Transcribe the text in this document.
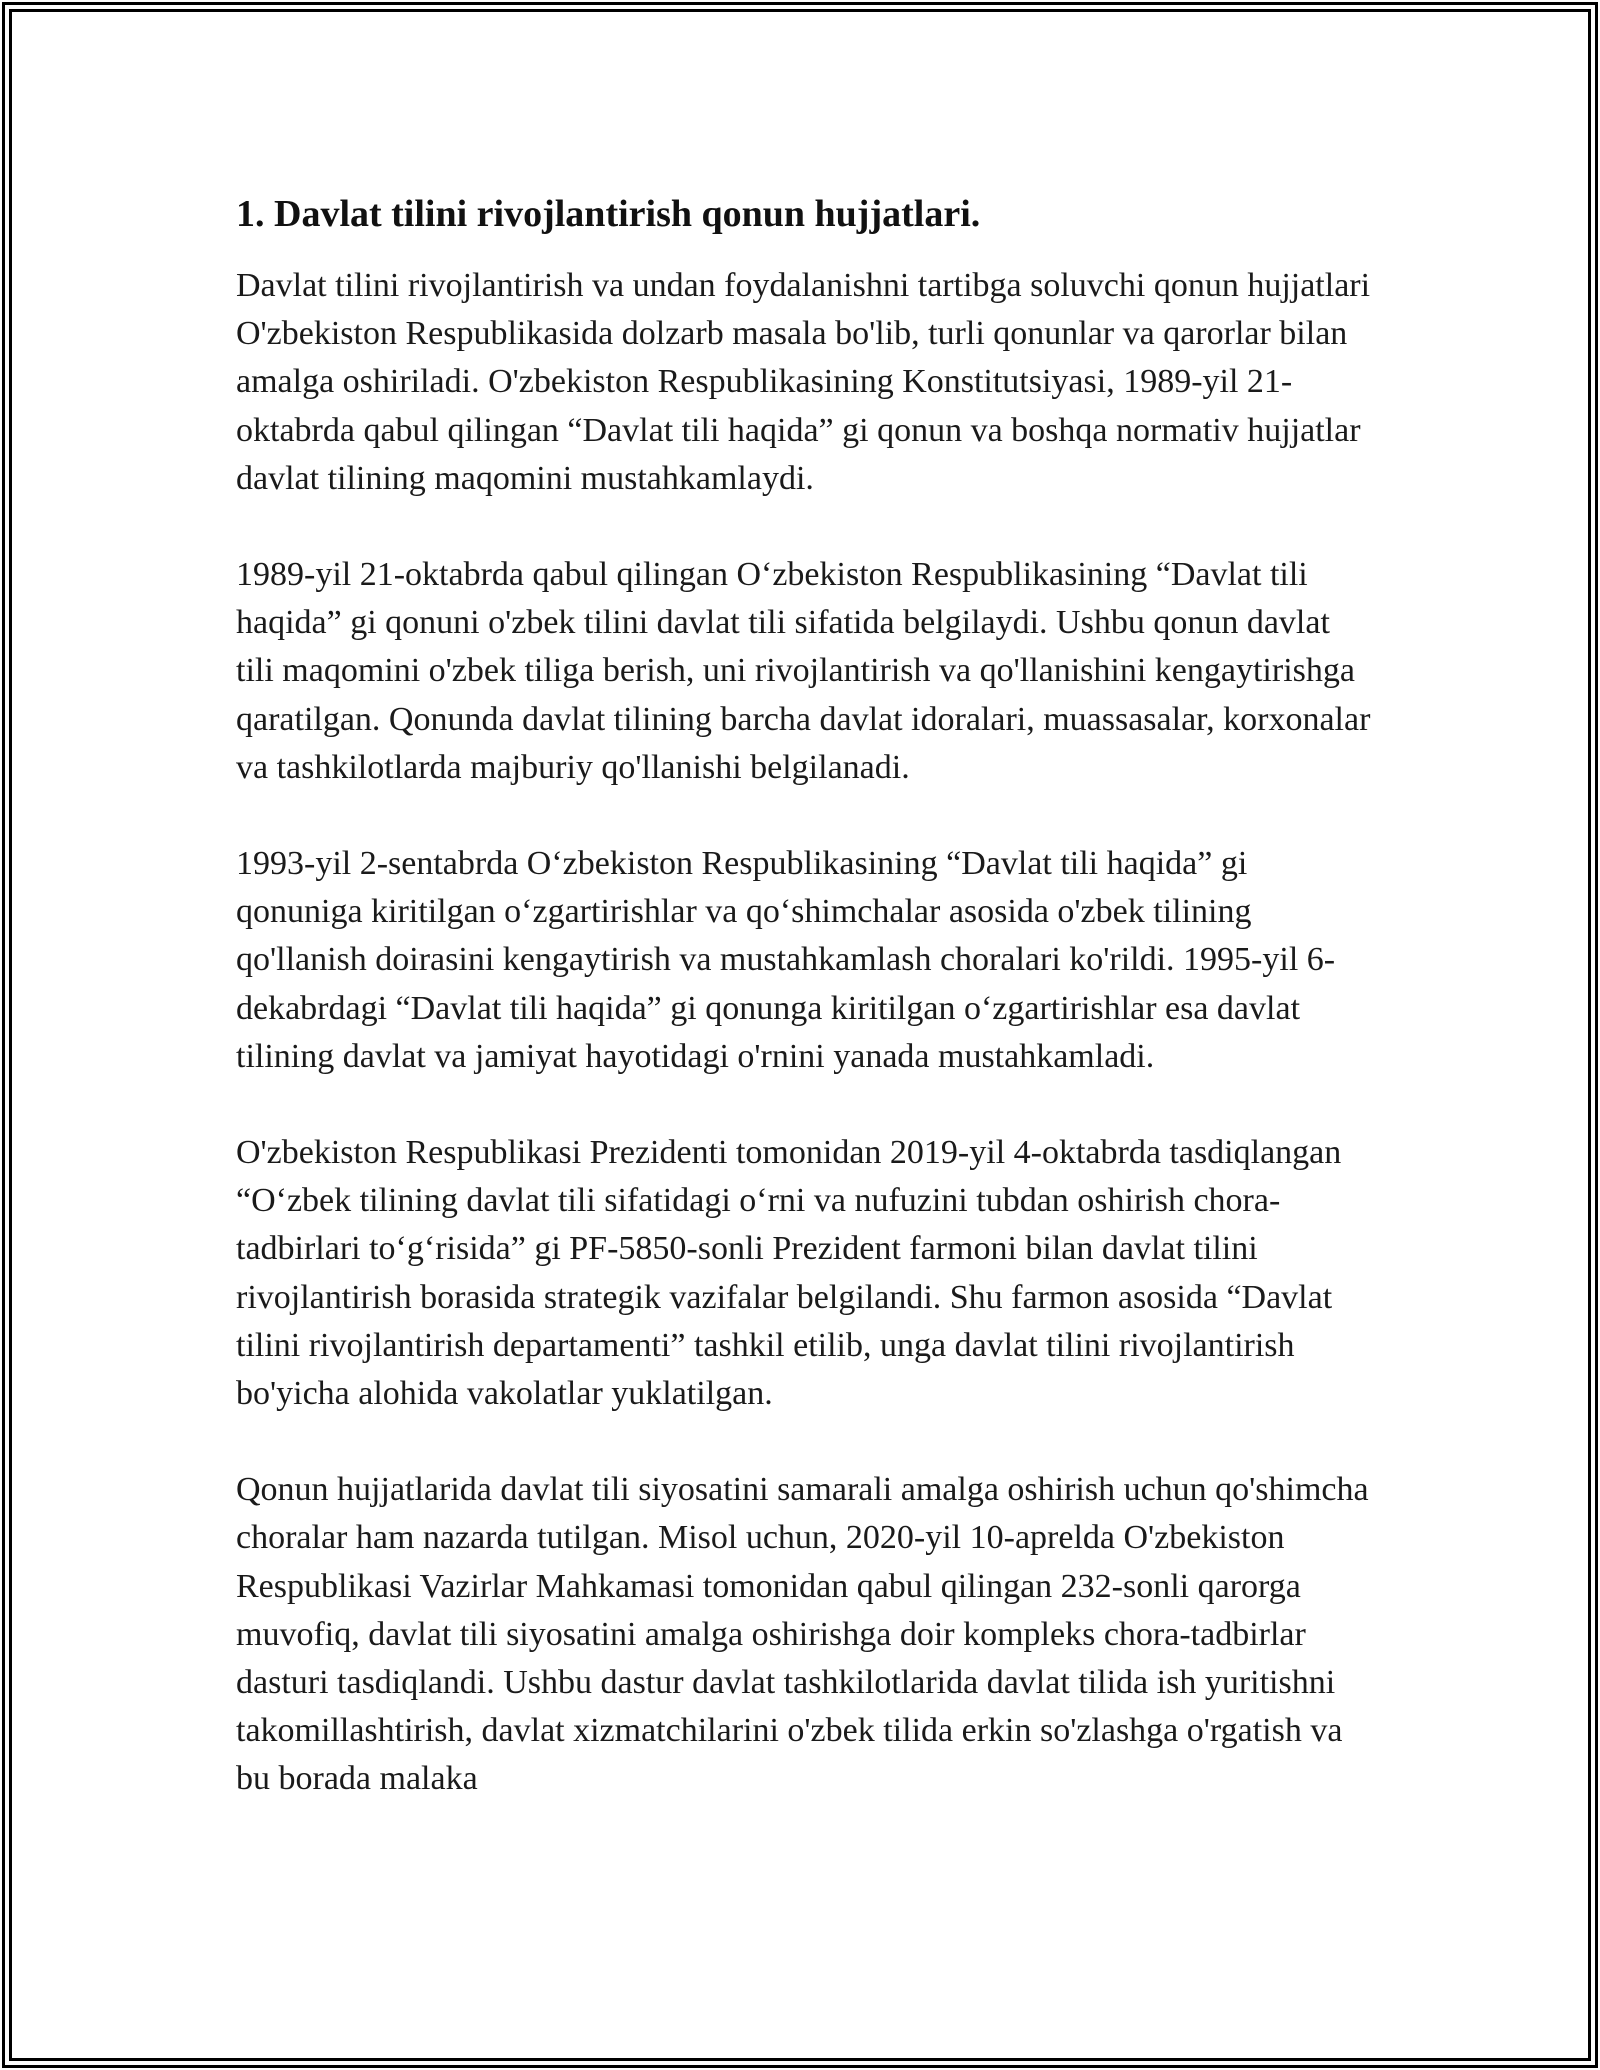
1. Davlat tilini rivojlantirish qonun hujjatlari.

Davlat tilini rivojlantirish va undan foydalanishni tartibga soluvchi qonun hujjatlari O'zbekiston Respublikasida dolzarb masala bo'lib, turli qonunlar va qarorlar bilan amalga oshiriladi. O'zbekiston Respublikasining Konstitutsiyasi, 1989-yil 21-oktabrda qabul qilingan “Davlat tili haqida” gi qonun va boshqa normativ hujjatlar davlat tilining maqomini mustahkamlaydi.

1989-yil 21-oktabrda qabul qilingan O‘zbekiston Respublikasining “Davlat tili haqida” gi qonuni o'zbek tilini davlat tili sifatida belgilaydi. Ushbu qonun davlat tili maqomini o'zbek tiliga berish, uni rivojlantirish va qo'llanishini kengaytirishga qaratilgan. Qonunda davlat tilining barcha davlat idoralari, muassasalar, korxonalar va tashkilotlarda majburiy qo'llanishi belgilanadi.

1993-yil 2-sentabrda O‘zbekiston Respublikasining “Davlat tili haqida” gi qonuniga kiritilgan o‘zgartirishlar va qo‘shimchalar asosida o'zbek tilining qo'llanish doirasini kengaytirish va mustahkamlash choralari ko'rildi. 1995-yil 6-dekabrdagi “Davlat tili haqida” gi qonunga kiritilgan o‘zgartirishlar esa davlat tilining davlat va jamiyat hayotidagi o'rnini yanada mustahkamladi.

O'zbekiston Respublikasi Prezidenti tomonidan 2019-yil 4-oktabrda tasdiqlangan “O‘zbek tilining davlat tili sifatidagi o‘rni va nufuzini tubdan oshirish chora-tadbirlari to‘g‘risida” gi PF-5850-sonli Prezident farmoni bilan davlat tilini rivojlantirish borasida strategik vazifalar belgilandi. Shu farmon asosida “Davlat tilini rivojlantirish departamenti” tashkil etilib, unga davlat tilini rivojlantirish bo'yicha alohida vakolatlar yuklatilgan.

Qonun hujjatlarida davlat tili siyosatini samarali amalga oshirish uchun qo'shimcha choralar ham nazarda tutilgan. Misol uchun, 2020-yil 10-aprelda O'zbekiston Respublikasi Vazirlar Mahkamasi tomonidan qabul qilingan 232-sonli qarorga muvofiq, davlat tili siyosatini amalga oshirishga doir kompleks chora-tadbirlar dasturi tasdiqlandi. Ushbu dastur davlat tashkilotlarida davlat tilida ish yuritishni takomillashtirish, davlat xizmatchilarini o'zbek tilida erkin so'zlashga o'rgatish va bu borada malaka
